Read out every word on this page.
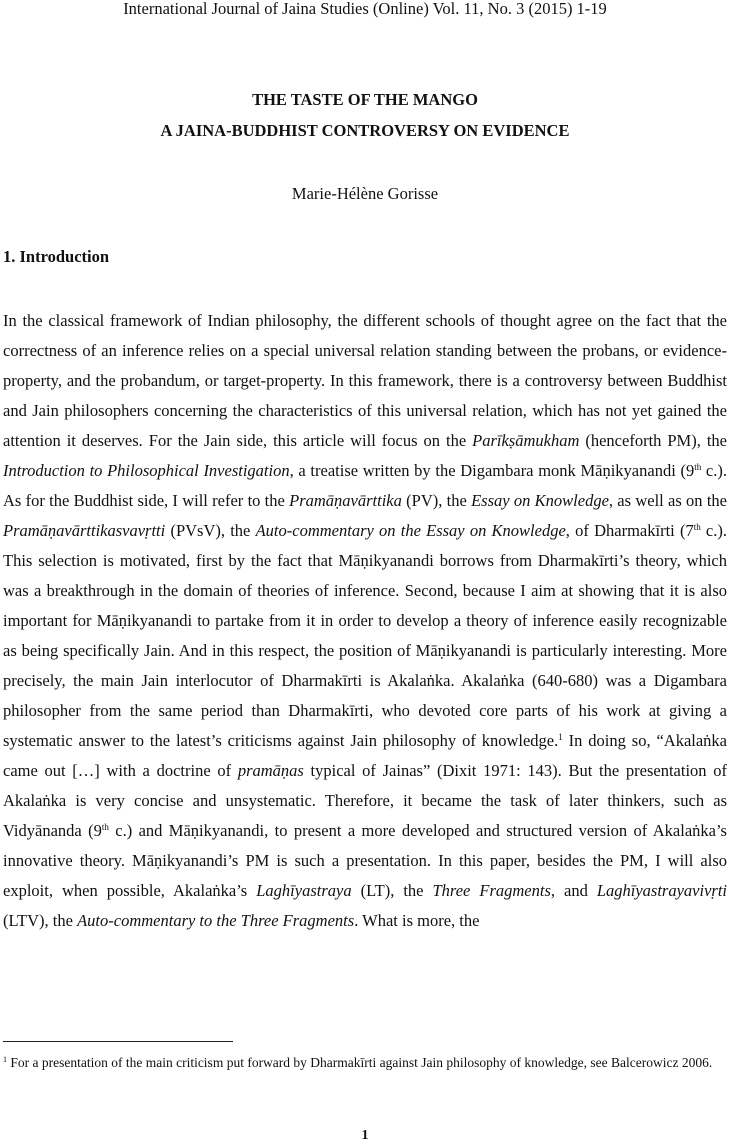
International Journal of Jaina Studies (Online) Vol. 11, No. 3 (2015) 1-19
THE TASTE OF THE MANGO
A JAINA-BUDDHIST CONTROVERSY ON EVIDENCE
Marie-Hélène Gorisse
1. Introduction

In the classical framework of Indian philosophy, the different schools of thought agree on the fact that the correctness of an inference relies on a special universal relation standing between the probans, or evidence-property, and the probandum, or target-property. In this framework, there is a controversy between Buddhist and Jain philosophers concerning the characteristics of this universal relation, which has not yet gained the attention it deserves. For the Jain side, this article will focus on the Parīkṣāmukham (henceforth PM), the Introduction to Philosophical Investigation, a treatise written by the Digambara monk Māṇikyanandi (9th c.). As for the Buddhist side, I will refer to the Pramāṇavārttika (PV), the Essay on Knowledge, as well as on the Pramāṇavārttikasvavṛtti (PVsV), the Auto-commentary on the Essay on Knowledge, of Dharmakīrti (7th c.). This selection is motivated, first by the fact that Māṇikyanandi borrows from Dharmakīrti’s theory, which was a breakthrough in the domain of theories of inference. Second, because I aim at showing that it is also important for Māṇikyanandi to partake from it in order to develop a theory of inference easily recognizable as being specifically Jain. And in this respect, the position of Māṇikyanandi is particularly interesting. More precisely, the main Jain interlocutor of Dharmakīrti is Akalaṅka. Akalaṅka (640-680) was a Digambara philosopher from the same period than Dharmakīrti, who devoted core parts of his work at giving a systematic answer to the latest’s criticisms against Jain philosophy of knowledge.$^1$ In doing so, “Akalaṅka came out […] with a doctrine of pramāṇas typical of Jainas” (Dixit 1971: 143). But the presentation of Akalaṅka is very concise and unsystematic. Therefore, it became the task of later thinkers, such as Vidyānanda (9th c.) and Māṇikyanandi, to present a more developed and structured version of Akalaṅka’s innovative theory. Māṇikyanandi’s PM is such a presentation. In this paper, besides the PM, I will also exploit, when possible, Akalaṅka’s Laghīyastraya (LT), the Three Fragments, and Laghīyastrayavivṛti (LTV), the Auto-commentary to the Three Fragments. What is more, the

$^1$ For a presentation of the main criticism put forward by Dharmakīrti against Jain philosophy of knowledge, see Balcerowicz 2006.
1
